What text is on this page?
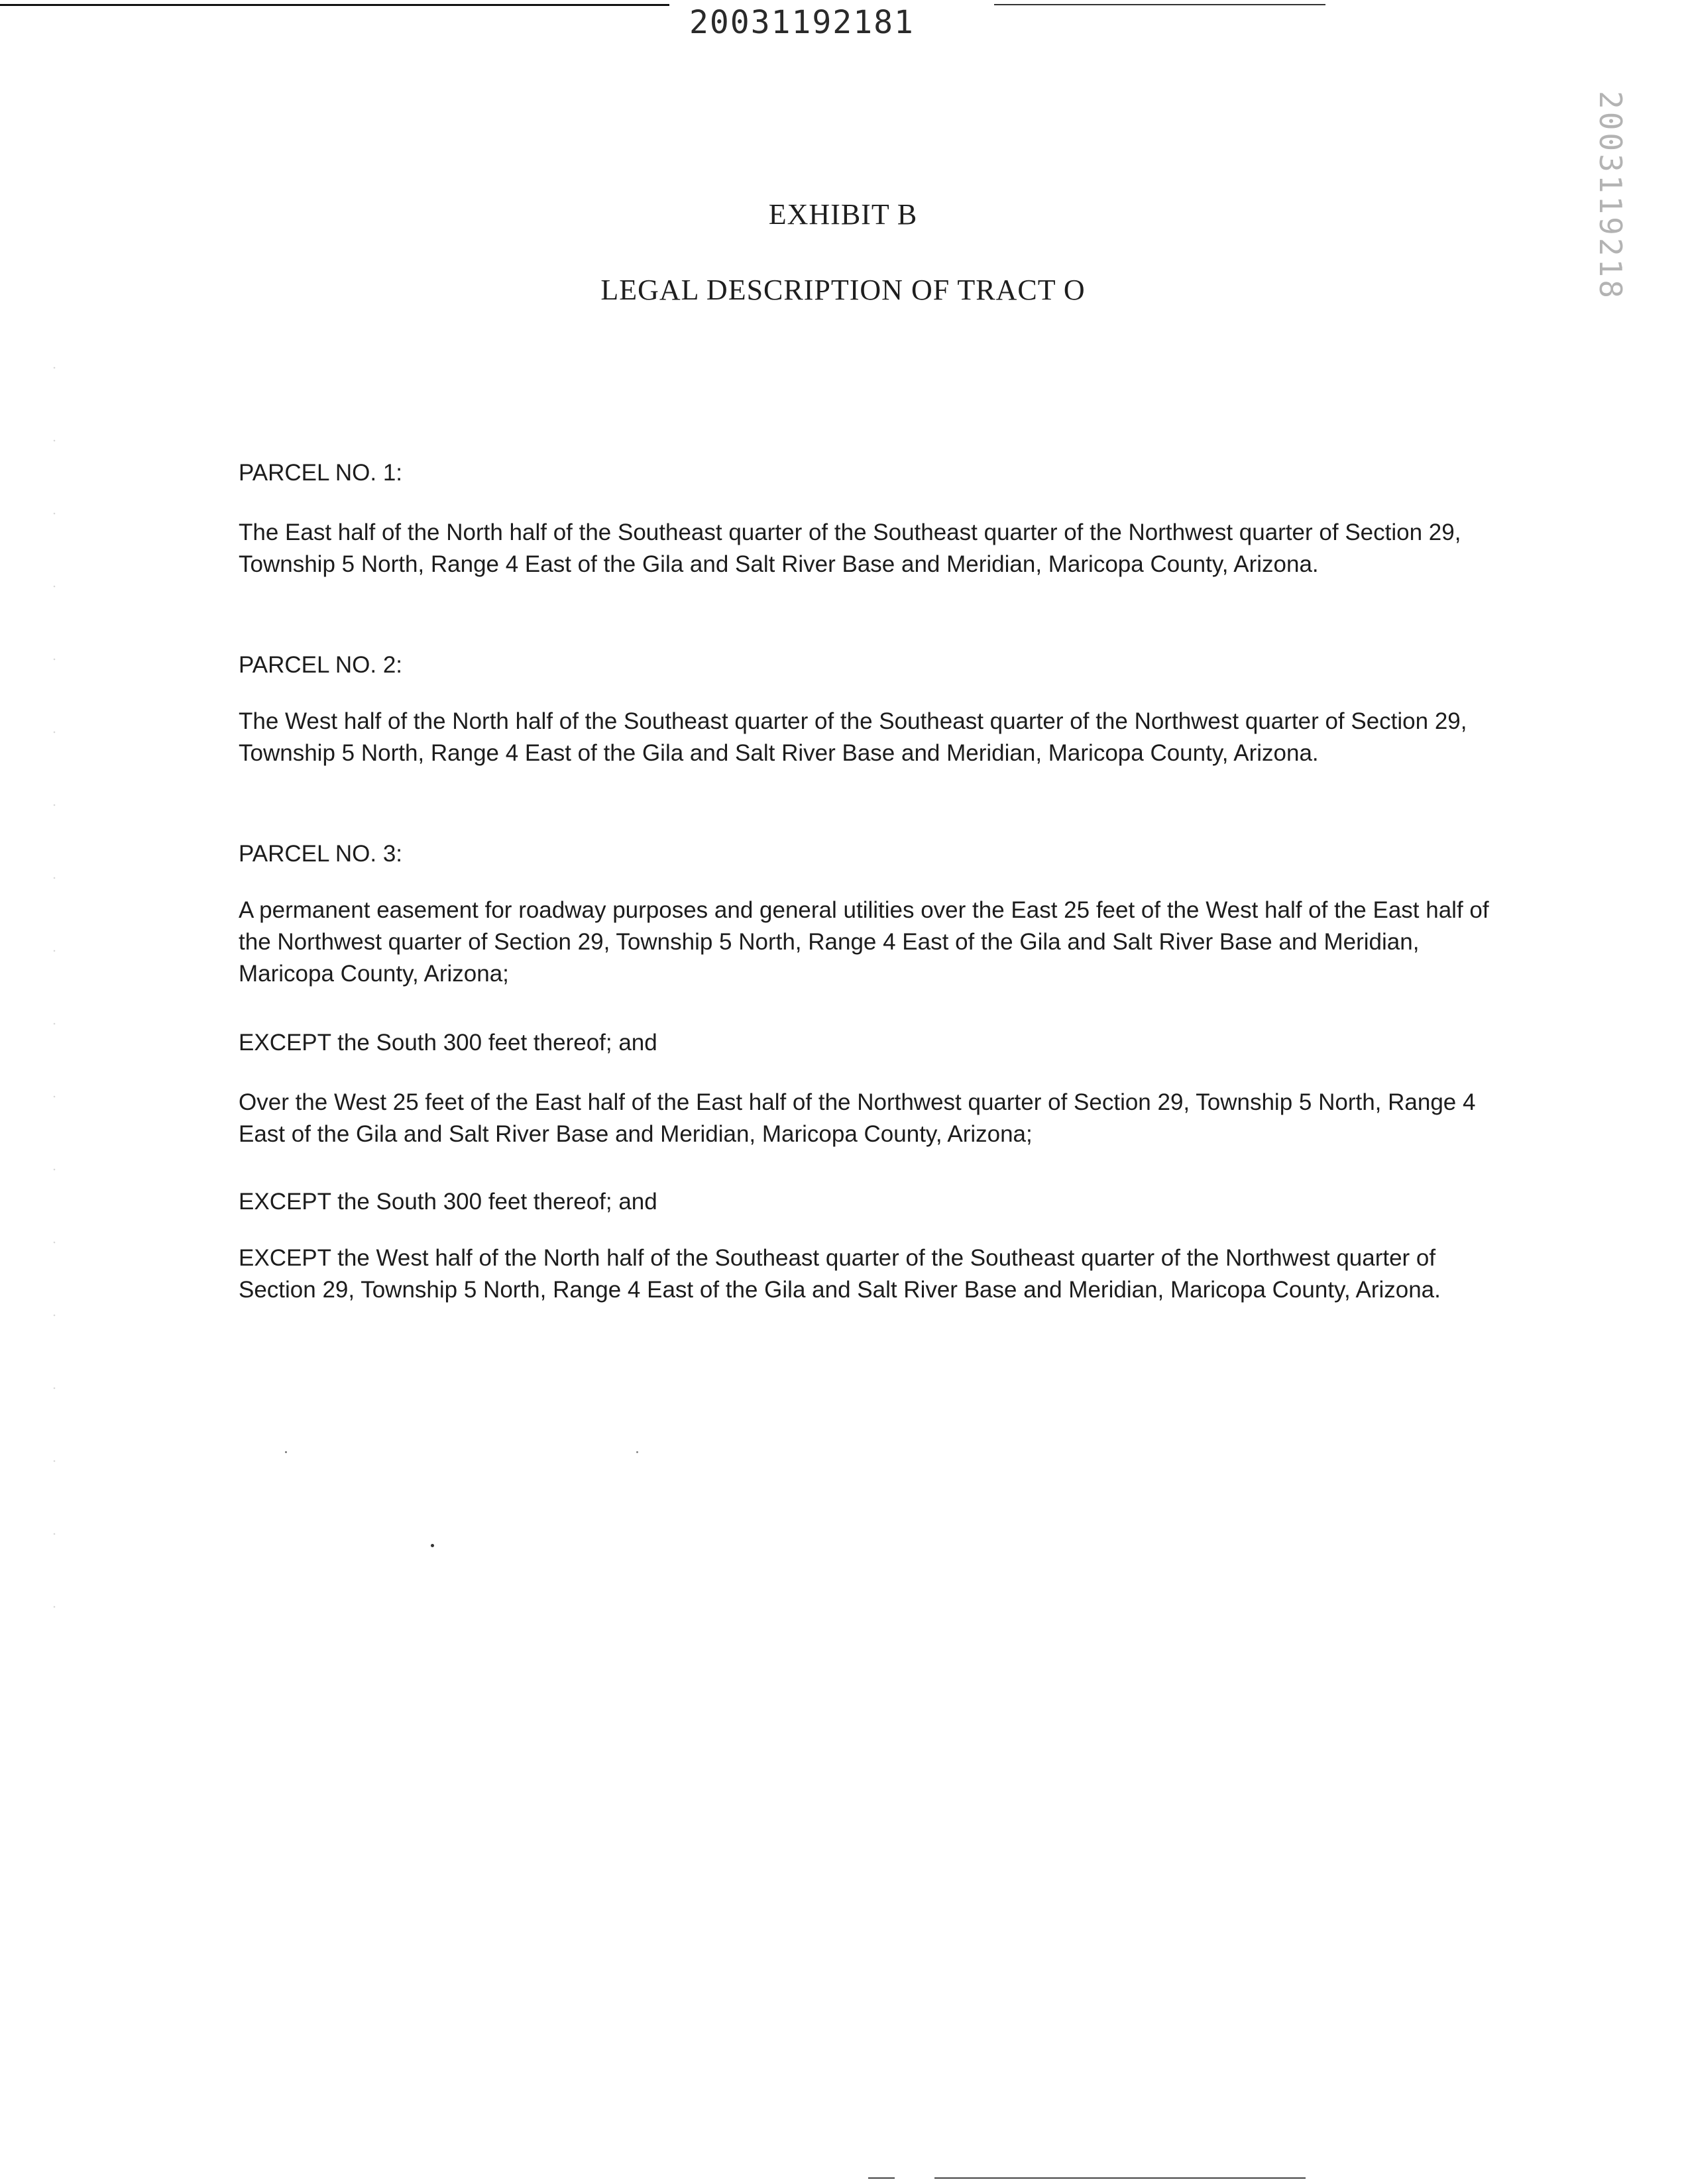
20031192181
2003119218
EXHIBIT B
LEGAL DESCRIPTION OF TRACT O

PARCEL NO. 1:

The East half of the North half of the Southeast quarter of the Southeast quarter of the Northwest quarter of Section 29, Township 5 North, Range 4 East of the Gila and Salt River Base and Meridian, Maricopa County, Arizona.

PARCEL NO. 2:

The West half of the North half of the Southeast quarter of the Southeast quarter of the Northwest quarter of Section 29, Township 5 North, Range 4 East of the Gila and Salt River Base and Meridian, Maricopa County, Arizona.

PARCEL NO. 3:

A permanent easement for roadway purposes and general utilities over the East 25 feet of the West half of the East half of the Northwest quarter of Section 29, Township 5 North, Range 4 East of the Gila and Salt River Base and Meridian, Maricopa County, Arizona;

EXCEPT the South 300 feet thereof; and

Over the West 25 feet of the East half of the East half of the Northwest quarter of Section 29, Township 5 North, Range 4 East of the Gila and Salt River Base and Meridian, Maricopa County, Arizona;

EXCEPT the South 300 feet thereof; and

EXCEPT the West half of the North half of the Southeast quarter of the Southeast quarter of the Northwest quarter of Section 29, Township 5 North, Range 4 East of the Gila and Salt River Base and Meridian, Maricopa County, Arizona.
